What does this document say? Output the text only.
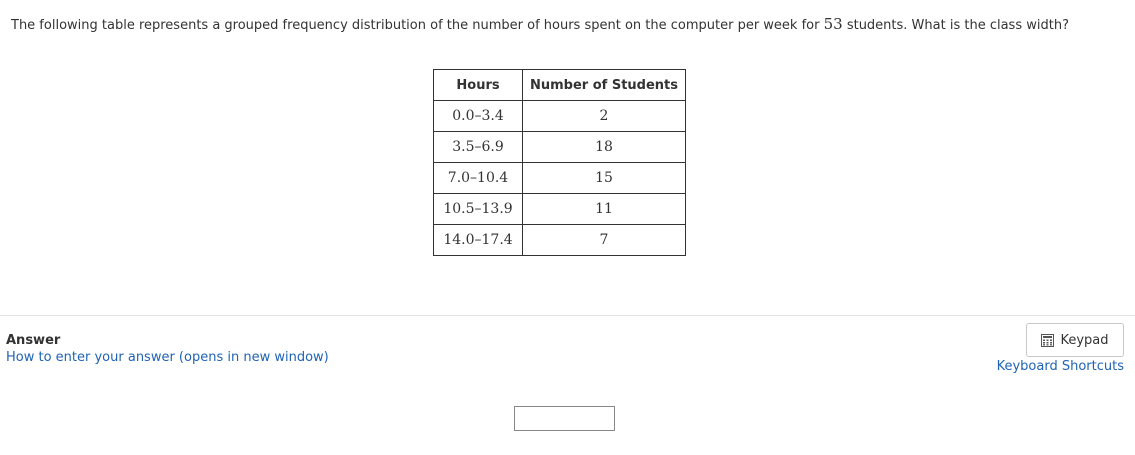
The following table represents a grouped frequency distribution of the number of hours spent on the computer per week for 53 students. What is the class width?
Hours	Number of Students
0.0–3.4	2
3.5–6.9	18
7.0–10.4	15
10.5–13.9	11
14.0–17.4	7
Answer
How to enter your answer (opens in new window)
Keypad
Keyboard Shortcuts
